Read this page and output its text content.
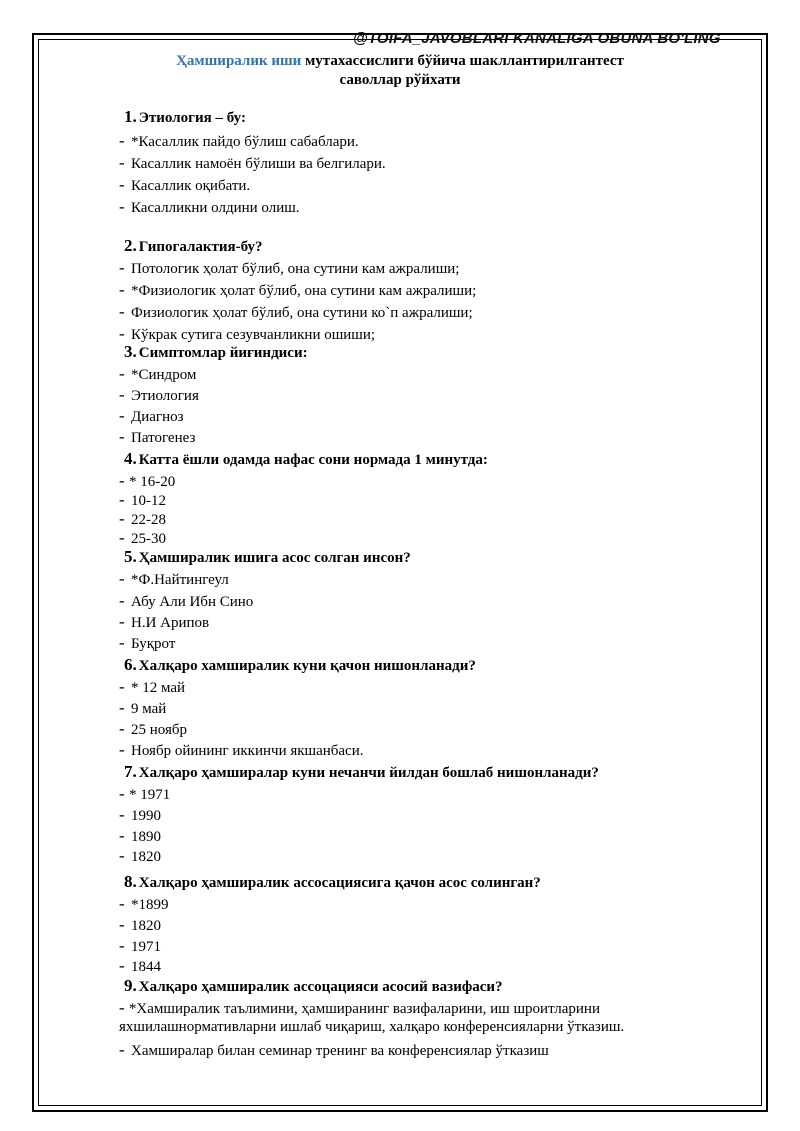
@TOIFA_JAVOBLARI KANALIGA OBUNA BO'LING
Ҳамширалик иши мутахассислиги бўйича шакллантирилгантест
саволлар рўйхати
1. Этиология – бу:
- *Касаллик пайдо бўлиш сабаблари.
- Касаллик намоён бўлиши ва белгилари.
- Касаллик оқибати.
- Касалликни олдини олиш.
2. Гипогалактия-бу?
- Потологик ҳолат бўлиб, она сутини кам ажралиши;
- *Физиологик ҳолат бўлиб, она сутини кам ажралиши;
- Физиологик ҳолат бўлиб, она сутини ко`п ажралиши;
- Кўкрак сутига сезувчанликни ошиши;
3. Симптомлар йиғиндиси:
- *Синдром
- Этиология
- Диагноз
- Патогенез
4. Катта ёшли одамда нафас сони нормада 1 минутда:
- * 16-20
- 10-12
- 22-28
- 25-30
5. Ҳамширалик ишига асос солган инсон?
- *Ф.Найтингеул
- Абу Али Ибн Сино
- Н.И Арипов
- Буқрот
6. Халқаро хамширалик куни қачон нишонланади?
- * 12 май
- 9 май
- 25 ноябр
- Ноябр ойининг иккинчи якшанбаси.
7. Халқаро ҳамширалар куни нечанчи йилдан бошлаб нишонланади?
- * 1971
- 1990
- 1890
- 1820
8. Халқаро ҳамширалик ассосациясига қачон асос солинган?
- *1899
- 1820
- 1971
- 1844
9. Халқаро ҳамширалик ассоцацияси асосий вазифаси?
- *Хамширалик таълимини, ҳамширанинг вазифаларини, иш шроитларини яхшилашнормативларни ишлаб чиқариш, халқаро конференсияларни ўтказиш.
- Хамширалар билан семинар тренинг ва конференсиялар ўтказиш
